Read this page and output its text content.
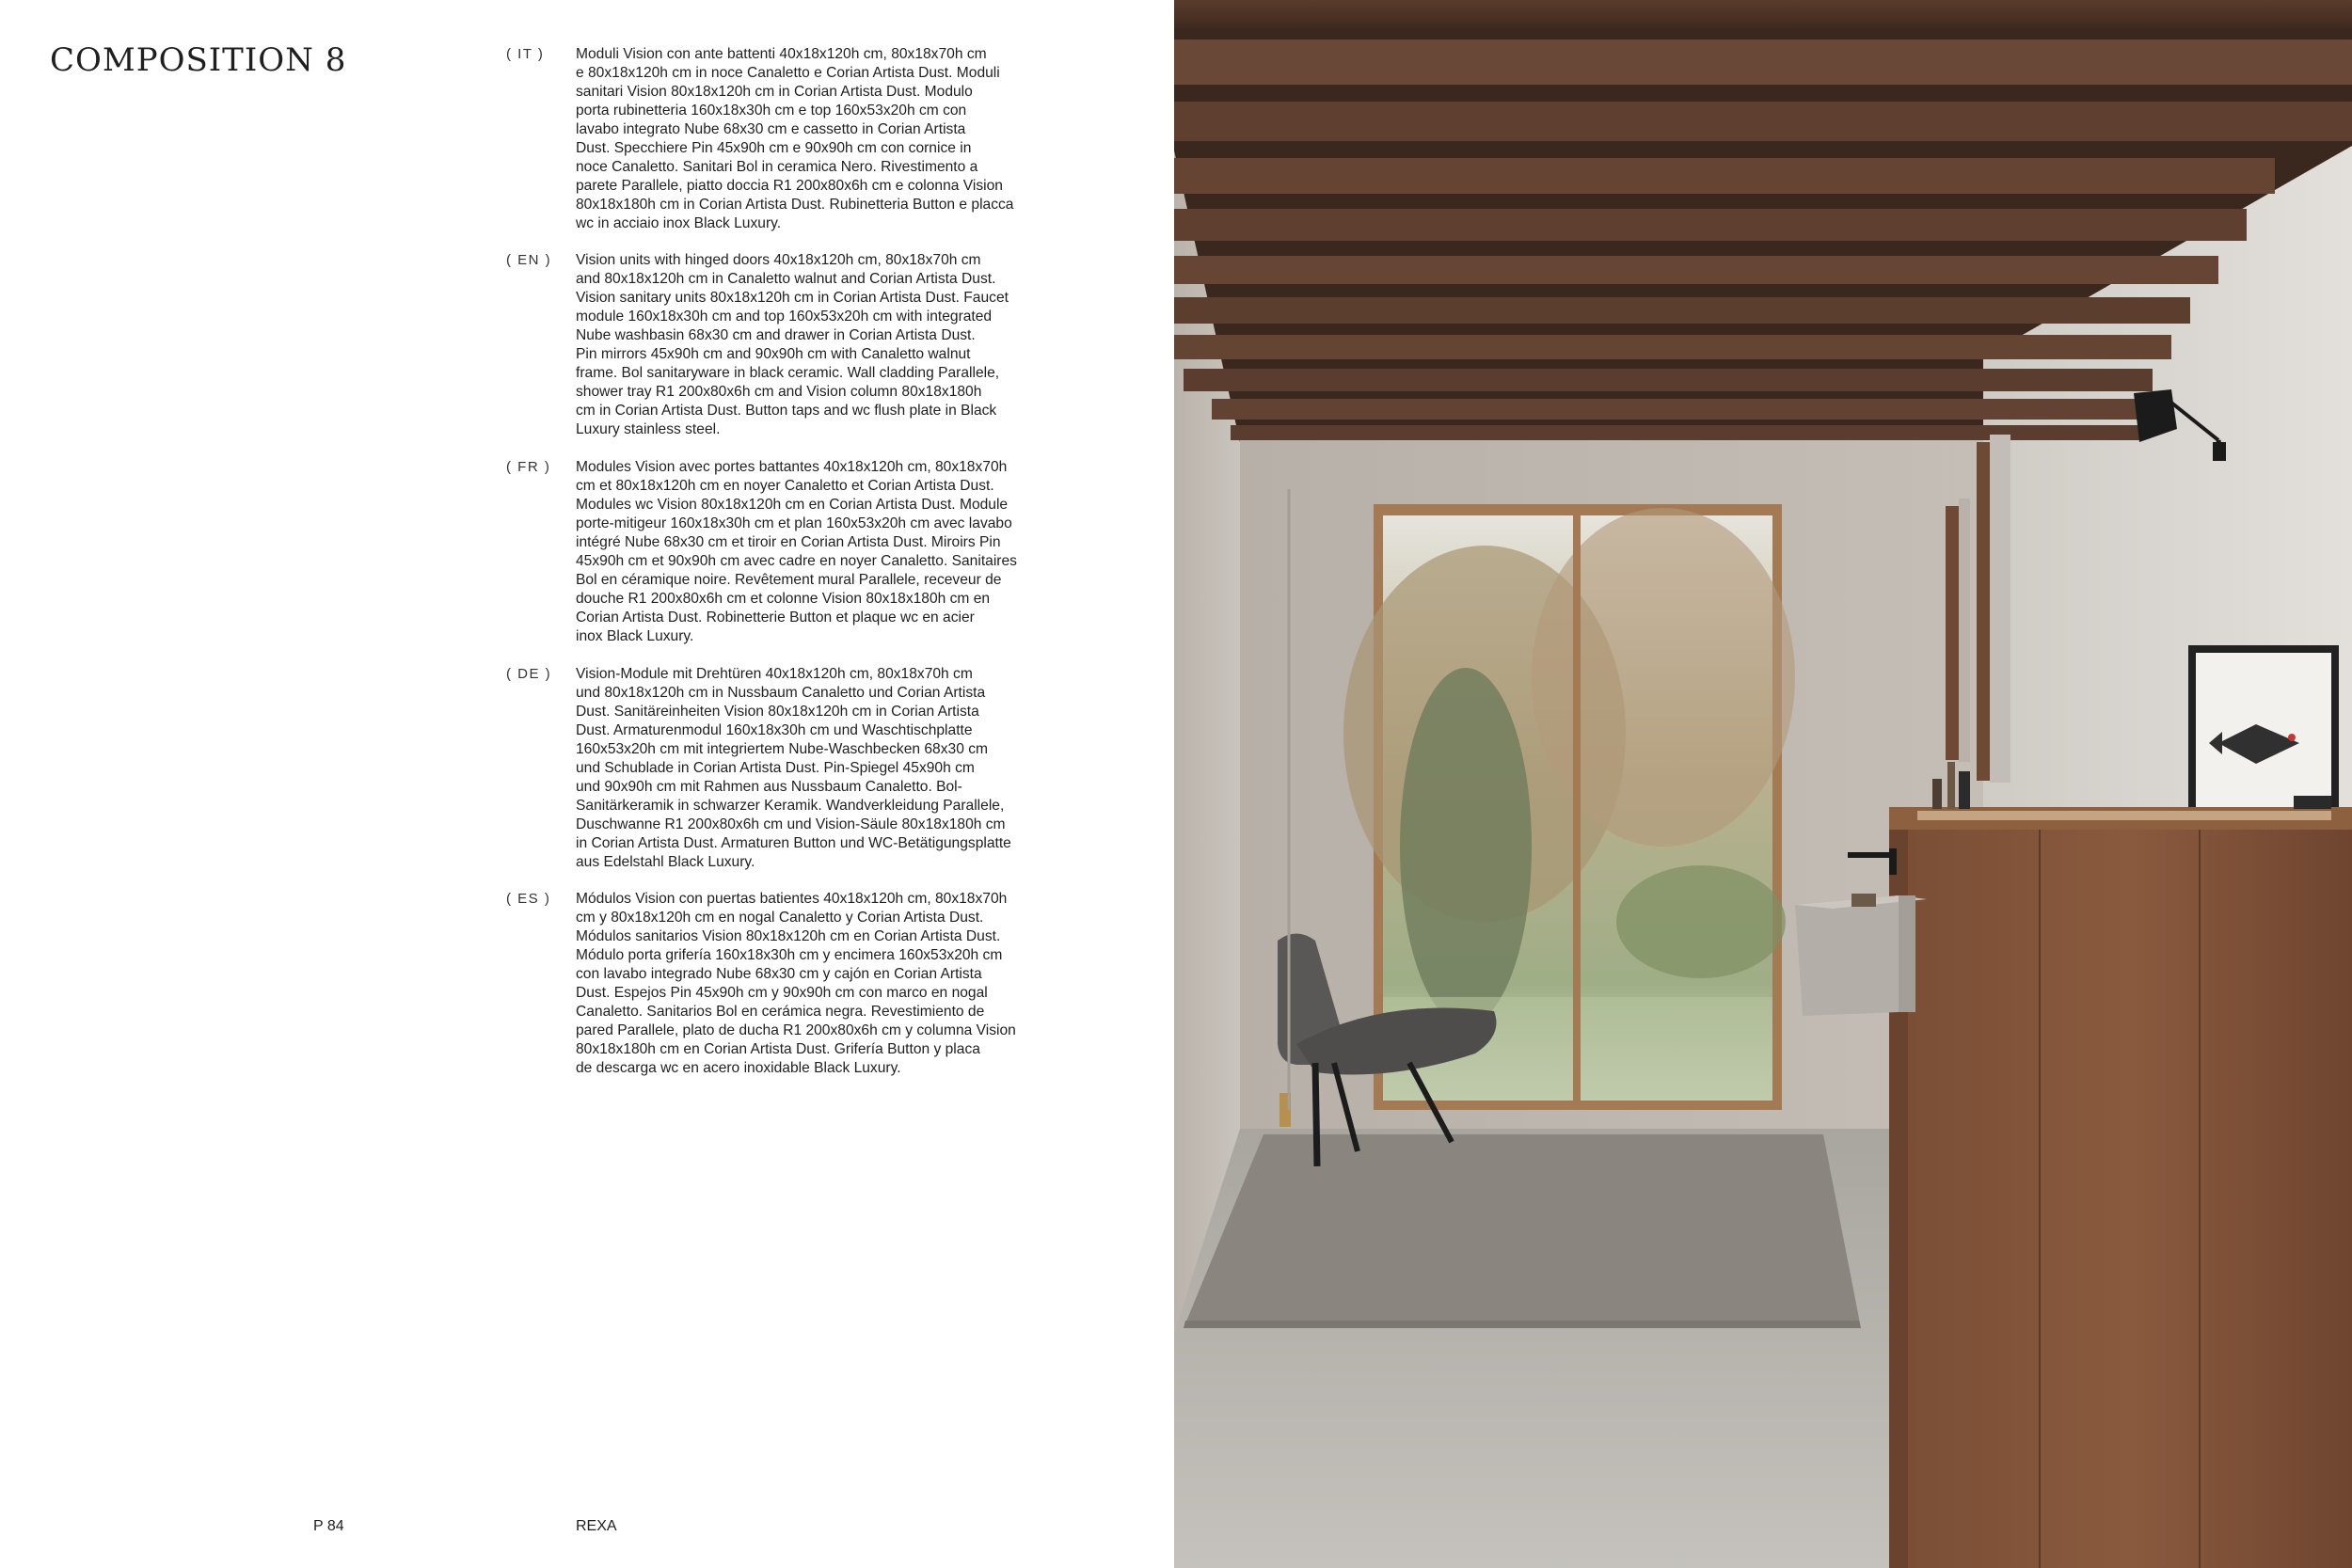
COMPOSITION 8	( IT ) Moduli Vision con ante battenti 40x18x120h cm, 80x18x70h cm
e 80x18x120h cm in noce Canaletto e Corian Artista Dust. Moduli
sanitari Vision 80x18x120h cm in Corian Artista Dust. Modulo
porta rubinetteria 160x18x30h cm e top 160x53x20h cm con
lavabo integrato Nube 68x30 cm e cassetto in Corian Artista
Dust. Specchiere Pin 45x90h cm e 90x90h cm con cornice in
noce Canaletto. Sanitari Bol in ceramica Nero. Rivestimento a
parete Parallele, piatto doccia R1 200x80x6h cm e colonna Vision
80x18x180h cm in Corian Artista Dust. Rubinetteria Button e placca
wc in acciaio inox Black Luxury.
( EN ) Vision units with hinged doors 40x18x120h cm, 80x18x70h cm
and 80x18x120h cm in Canaletto walnut and Corian Artista Dust.
Vision sanitary units 80x18x120h cm in Corian Artista Dust. Faucet
module 160x18x30h cm and top 160x53x20h cm with integrated
Nube washbasin 68x30 cm and drawer in Corian Artista Dust.
Pin mirrors 45x90h cm and 90x90h cm with Canaletto walnut
frame. Bol sanitaryware in black ceramic. Wall cladding Parallele,
shower tray R1 200x80x6h cm and Vision column 80x18x180h
cm in Corian Artista Dust. Button taps and wc flush plate in Black
Luxury stainless steel.
( FR ) Modules Vision avec portes battantes 40x18x120h cm, 80x18x70h
cm et 80x18x120h cm en noyer Canaletto et Corian Artista Dust.
Modules wc Vision 80x18x120h cm en Corian Artista Dust. Module
porte-mitigeur 160x18x30h cm et plan 160x53x20h cm avec lavabo
intégré Nube 68x30 cm et tiroir en Corian Artista Dust. Miroirs Pin
45x90h cm et 90x90h cm avec cadre en noyer Canaletto. Sanitaires
Bol en céramique noire. Revêtement mural Parallele, receveur de
douche R1 200x80x6h cm et colonne Vision 80x18x180h cm en
Corian Artista Dust. Robinetterie Button et plaque wc en acier
inox Black Luxury.
( DE ) Vision-Module mit Drehtüren 40x18x120h cm, 80x18x70h cm
und 80x18x120h cm in Nussbaum Canaletto und Corian Artista
Dust. Sanitäreinheiten Vision 80x18x120h cm in Corian Artista
Dust. Armaturenmodul 160x18x30h cm und Waschtischplatte
160x53x20h cm mit integriertem Nube-Waschbecken 68x30 cm
und Schublade in Corian Artista Dust. Pin-Spiegel 45x90h cm
und 90x90h cm mit Rahmen aus Nussbaum Canaletto. Bol-
Sanitärkeramik in schwarzer Keramik. Wandverkleidung Parallele,
Duschwanne R1 200x80x6h cm und Vision-Säule 80x18x180h cm
in Corian Artista Dust. Armaturen Button und WC-Betätigungsplatte
aus Edelstahl Black Luxury.
( ES ) Módulos Vision con puertas batientes 40x18x120h cm, 80x18x70h
cm y 80x18x120h cm en nogal Canaletto y Corian Artista Dust.
Módulos sanitarios Vision 80x18x120h cm en Corian Artista Dust.
Módulo porta grifería 160x18x30h cm y encimera 160x53x20h cm
con lavabo integrado Nube 68x30 cm y cajón en Corian Artista
Dust. Espejos Pin 45x90h cm y 90x90h cm con marco en nogal
Canaletto. Sanitarios Bol en cerámica negra. Revestimiento de
pared Parallele, plato de ducha R1 200x80x6h cm y columna Vision
80x18x180h cm en Corian Artista Dust. Grifería Button y placa
de descarga wc en acero inoxidable Black Luxury.
P 84	REXA
